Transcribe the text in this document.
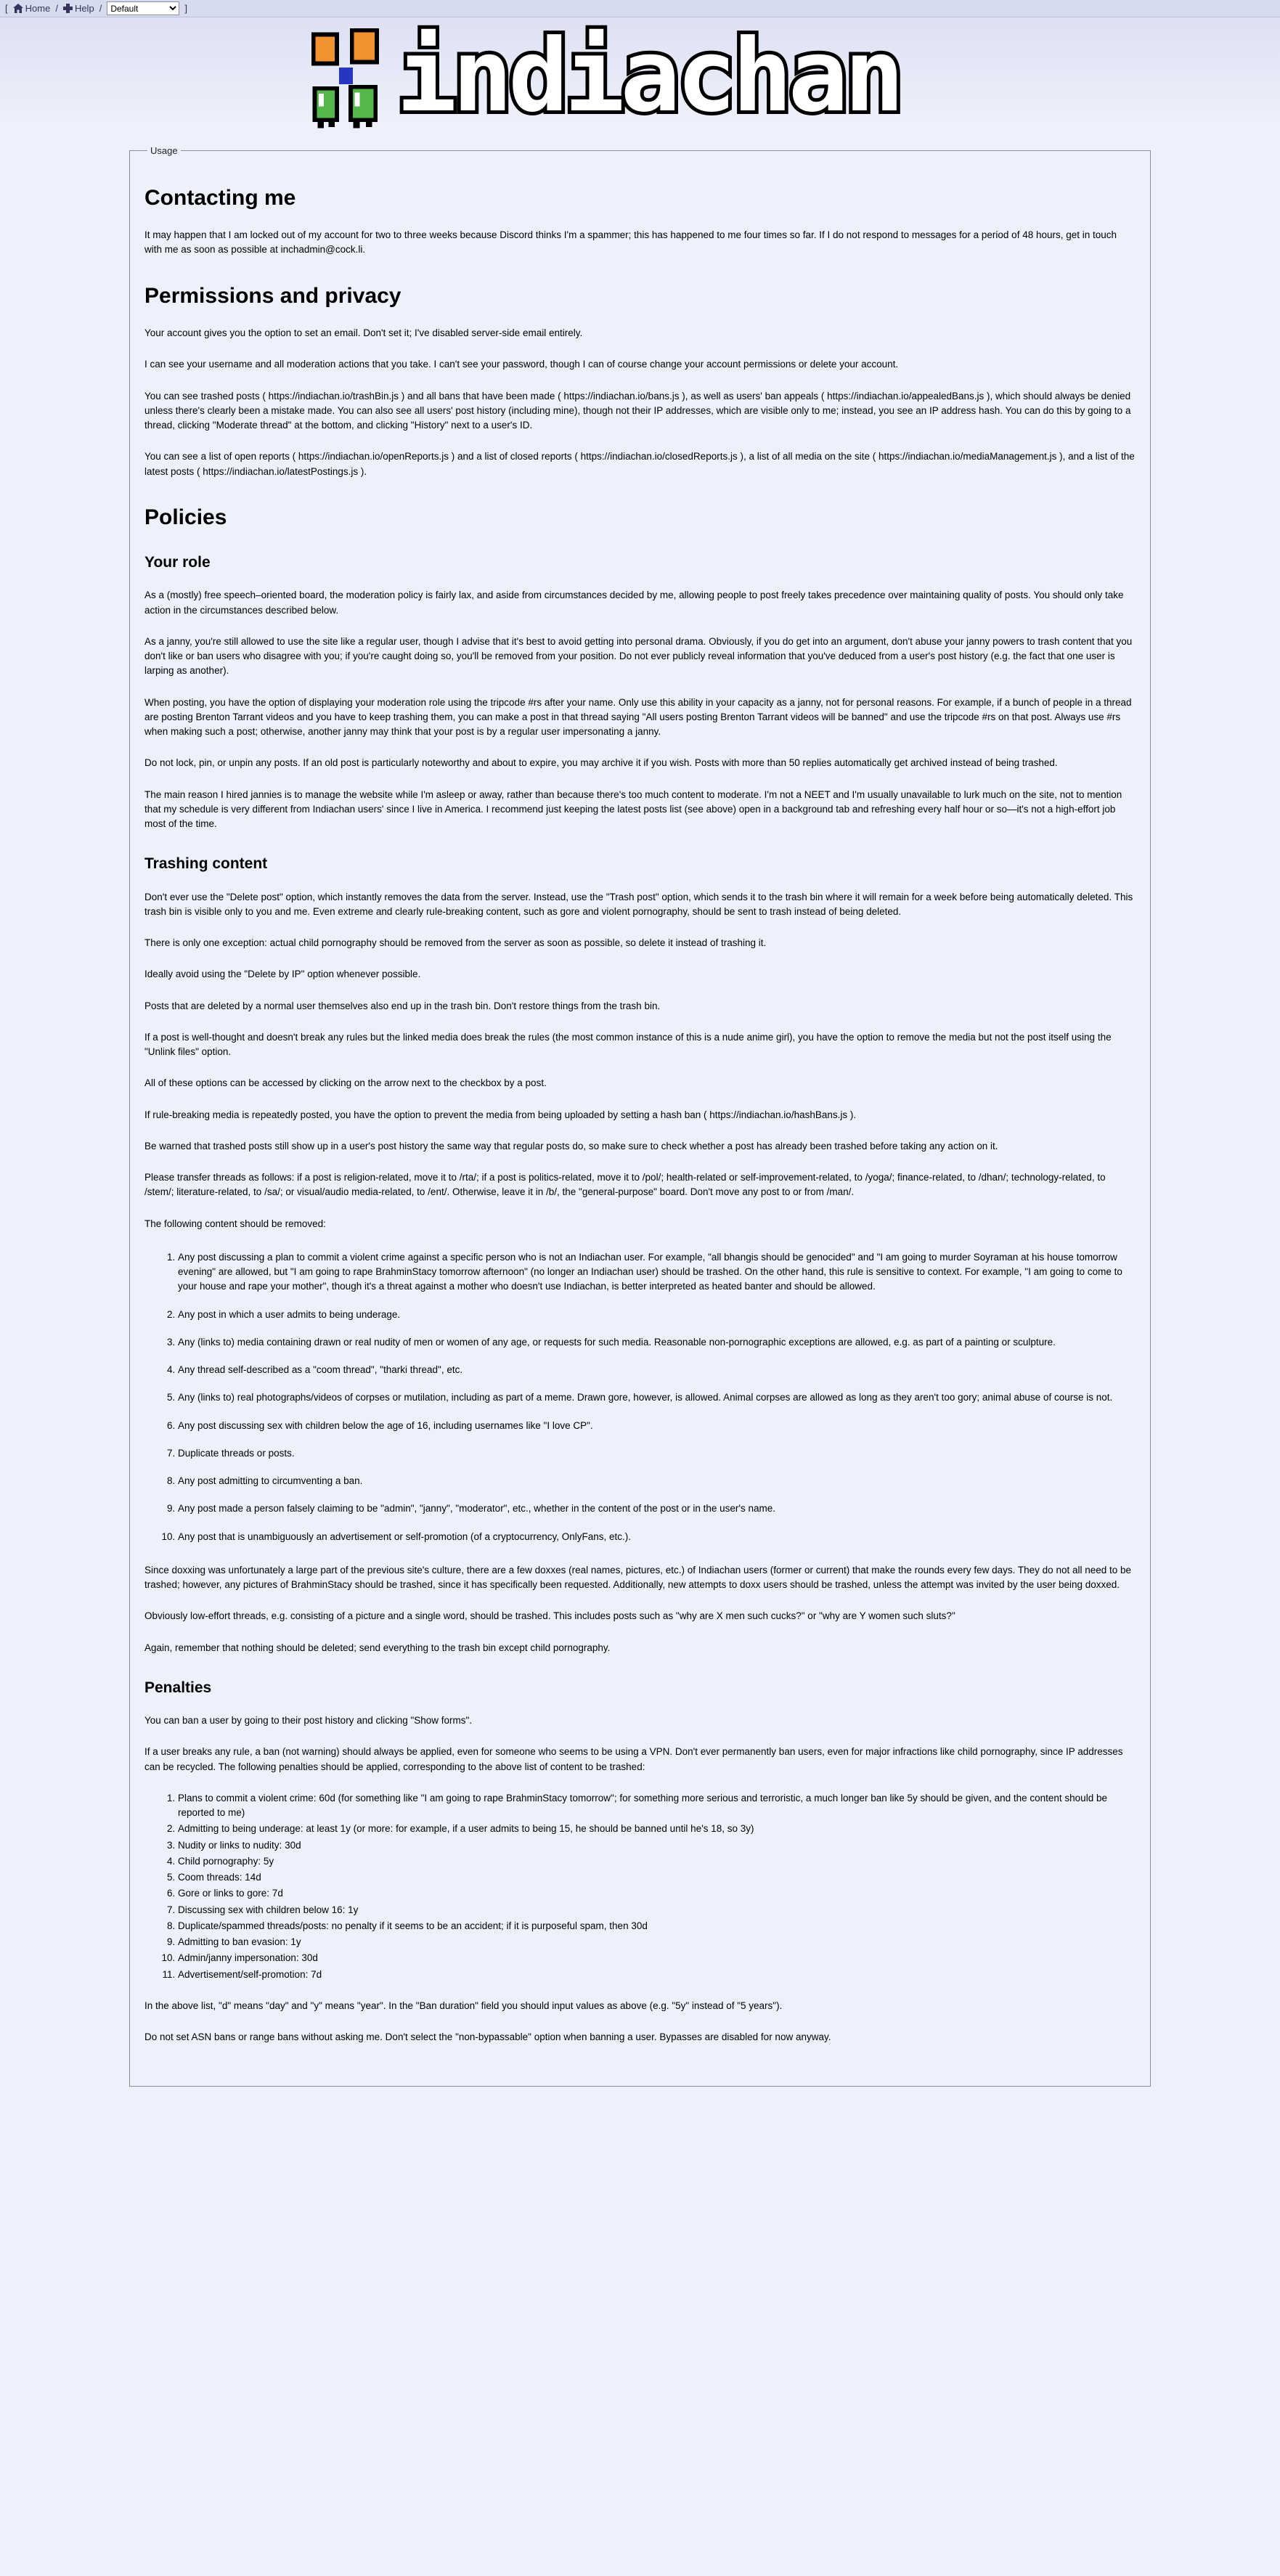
[ Home / Help /
Default	]
indiachan
Usage
Contacting me

It may happen that I am locked out of my account for two to three weeks because Discord thinks I'm a spammer; this has happened to me four times so far. If I do not respond to messages for a period of 48 hours, get in touch with me as soon as possible at inchadmin@cock.li.

Permissions and privacy

Your account gives you the option to set an email. Don't set it; I've disabled server-side email entirely.

I can see your username and all moderation actions that you take. I can't see your password, though I can of course change your account permissions or delete your account.

You can see trashed posts ( https://indiachan.io/trashBin.js ) and all bans that have been made ( https://indiachan.io/bans.js ), as well as users' ban appeals ( https://indiachan.io/appealedBans.js ), which should always be denied unless there's clearly been a mistake made. You can also see all users' post history (including mine), though not their IP addresses, which are visible only to me; instead, you see an IP address hash. You can do this by going to a thread, clicking "Moderate thread" at the bottom, and clicking "History" next to a user's ID.

You can see a list of open reports ( https://indiachan.io/openReports.js ) and a list of closed reports ( https://indiachan.io/closedReports.js ), a list of all media on the site ( https://indiachan.io/mediaManagement.js ), and a list of the latest posts ( https://indiachan.io/latestPostings.js ).

Policies
Your role

As a (mostly) free speech–oriented board, the moderation policy is fairly lax, and aside from circumstances decided by me, allowing people to post freely takes precedence over maintaining quality of posts. You should only take action in the circumstances described below.

As a janny, you're still allowed to use the site like a regular user, though I advise that it's best to avoid getting into personal drama. Obviously, if you do get into an argument, don't abuse your janny powers to trash content that you don't like or ban users who disagree with you; if you're caught doing so, you'll be removed from your position. Do not ever publicly reveal information that you've deduced from a user's post history (e.g. the fact that one user is larping as another).

When posting, you have the option of displaying your moderation role using the tripcode #rs after your name. Only use this ability in your capacity as a janny, not for personal reasons. For example, if a bunch of people in a thread are posting Brenton Tarrant videos and you have to keep trashing them, you can make a post in that thread saying "All users posting Brenton Tarrant videos will be banned" and use the tripcode #rs on that post. Always use #rs when making such a post; otherwise, another janny may think that your post is by a regular user impersonating a janny.

Do not lock, pin, or unpin any posts. If an old post is particularly noteworthy and about to expire, you may archive it if you wish. Posts with more than 50 replies automatically get archived instead of being trashed.

The main reason I hired jannies is to manage the website while I'm asleep or away, rather than because there's too much content to moderate. I'm not a NEET and I'm usually unavailable to lurk much on the site, not to mention that my schedule is very different from Indiachan users' since I live in America. I recommend just keeping the latest posts list (see above) open in a background tab and refreshing every half hour or so—it's not a high-effort job most of the time.

Trashing content

Don't ever use the "Delete post" option, which instantly removes the data from the server. Instead, use the "Trash post" option, which sends it to the trash bin where it will remain for a week before being automatically deleted. This trash bin is visible only to you and me. Even extreme and clearly rule-breaking content, such as gore and violent pornography, should be sent to trash instead of being deleted.

There is only one exception: actual child pornography should be removed from the server as soon as possible, so delete it instead of trashing it.

Ideally avoid using the "Delete by IP" option whenever possible.

Posts that are deleted by a normal user themselves also end up in the trash bin. Don't restore things from the trash bin.

If a post is well-thought and doesn't break any rules but the linked media does break the rules (the most common instance of this is a nude anime girl), you have the option to remove the media but not the post itself using the "Unlink files" option.

All of these options can be accessed by clicking on the arrow next to the checkbox by a post.

If rule-breaking media is repeatedly posted, you have the option to prevent the media from being uploaded by setting a hash ban ( https://indiachan.io/hashBans.js ).

Be warned that trashed posts still show up in a user's post history the same way that regular posts do, so make sure to check whether a post has already been trashed before taking any action on it.

Please transfer threads as follows: if a post is religion-related, move it to /rta/; if a post is politics-related, move it to /pol/; health-related or self-improvement-related, to /yoga/; finance-related, to /dhan/; technology-related, to /stem/; literature-related, to /sa/; or visual/audio media-related, to /ent/. Otherwise, leave it in /b/, the "general-purpose" board. Don't move any post to or from /man/.

The following content should be removed:

1. Any post discussing a plan to commit a violent crime against a specific person who is not an Indiachan user. For example, "all bhangis should be genocided" and "I am going to murder Soyraman at his house tomorrow evening" are allowed, but "I am going to rape BrahminStacy tomorrow afternoon" (no longer an Indiachan user) should be trashed. On the other hand, this rule is sensitive to context. For example, "I am going to come to your house and rape your mother", though it's a threat against a mother who doesn't use Indiachan, is better interpreted as heated banter and should be allowed.
2. Any post in which a user admits to being underage.
3. Any (links to) media containing drawn or real nudity of men or women of any age, or requests for such media. Reasonable non-pornographic exceptions are allowed, e.g. as part of a painting or sculpture.
4. Any thread self-described as a "coom thread", "tharki thread", etc.
5. Any (links to) real photographs/videos of corpses or mutilation, including as part of a meme. Drawn gore, however, is allowed. Animal corpses are allowed as long as they aren't too gory; animal abuse of course is not.
6. Any post discussing sex with children below the age of 16, including usernames like "I love CP".
7. Duplicate threads or posts.
8. Any post admitting to circumventing a ban.
9. Any post made a person falsely claiming to be "admin", "janny", "moderator", etc., whether in the content of the post or in the user's name.
10. Any post that is unambiguously an advertisement or self-promotion (of a cryptocurrency, OnlyFans, etc.).

Since doxxing was unfortunately a large part of the previous site's culture, there are a few doxxes (real names, pictures, etc.) of Indiachan users (former or current) that make the rounds every few days. They do not all need to be trashed; however, any pictures of BrahminStacy should be trashed, since it has specifically been requested. Additionally, new attempts to doxx users should be trashed, unless the attempt was invited by the user being doxxed.

Obviously low-effort threads, e.g. consisting of a picture and a single word, should be trashed. This includes posts such as "why are X men such cucks?" or "why are Y women such sluts?"

Again, remember that nothing should be deleted; send everything to the trash bin except child pornography.

Penalties

You can ban a user by going to their post history and clicking "Show forms".

If a user breaks any rule, a ban (not warning) should always be applied, even for someone who seems to be using a VPN. Don't ever permanently ban users, even for major infractions like child pornography, since IP addresses can be recycled. The following penalties should be applied, corresponding to the above list of content to be trashed:

1. Plans to commit a violent crime: 60d (for something like "I am going to rape BrahminStacy tomorrow"; for something more serious and terroristic, a much longer ban like 5y should be given, and the content should be reported to me)
2. Admitting to being underage: at least 1y (or more: for example, if a user admits to being 15, he should be banned until he's 18, so 3y)
3. Nudity or links to nudity: 30d
4. Child pornography: 5y
5. Coom threads: 14d
6. Gore or links to gore: 7d
7. Discussing sex with children below 16: 1y
8. Duplicate/spammed threads/posts: no penalty if it seems to be an accident; if it is purposeful spam, then 30d
9. Admitting to ban evasion: 1y
10. Admin/janny impersonation: 30d
11. Advertisement/self-promotion: 7d

In the above list, "d" means "day" and "y" means "year". In the "Ban duration" field you should input values as above (e.g. "5y" instead of "5 years").

Do not set ASN bans or range bans without asking me. Don't select the "non-bypassable" option when banning a user. Bypasses are disabled for now anyway.
